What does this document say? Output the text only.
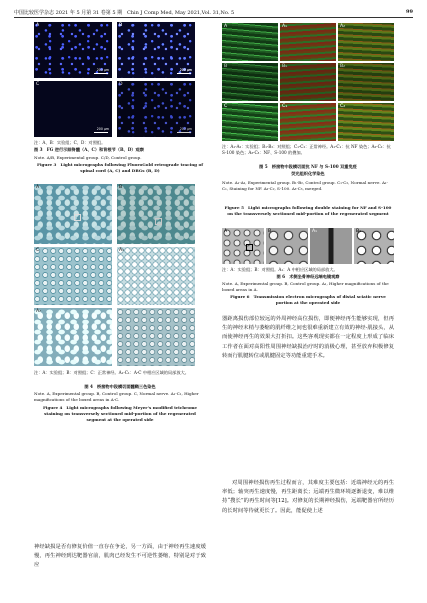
中国比较医学杂志 2021 年 5 月第 31 卷第 5 期 Chin J Comp Med, May 2021,Vol. 31,No. 5	99
A
200 μm
B
200 μm
C
200 μm
D
200 μm
注：A、B：实验组；C、D：对照组。
图 3　FG 逆行示踪脊髓（A、C）和背根节（B、D）观察
Note. A/B, Experimental group. C/D, Control group.
Figure 3　Light micrographs following FluoroGold retrograde tracing of spinal cord (A, C) and DRGs (B, D)
A	B
C	A₁
A₂
注：A：实验组；B：对照组；C：正常神经。A₁-C₁：A-C 中相应区域的局部放大。
图 4　桥接物中段横切面髓鞘三色染色
Note. A, Experimental group. B, Control group. C, Normal nerve. A₁-C₁, Higher magnifications of the boxed areas in A-C.
Figure 4　Light micrographs following Meyer’s modified trichrome staining on transversely sectioned mid-portion of the regenerated segment at the operated side
神经缺损是否有修复价值一直存在争论，另一方面，由于神经再生速度缓慢，再生神经到达靶器官前，肌肉已经发生不可逆性萎缩，特别是对于致应
A	A₁	A₂
B	B₁	B₂
C	C₁	C₂
注：A₁-A₂：实验组；B₁-B₂：对照组；C₁-C₂：正常神经。A₁-C₁：抗 NF 染色；A₂-C₂：抗 S-100 染色；A₃-C₃：NF、S-100 的叠加。
图 5　桥接物中段横切面抗 NF 与 S-100 双重免疫
荧光组织化学染色
Note. A₁-A₂, Experimental group. B₁-B₂, Control group. C₁-C₂, Normal nerve. A₁-C₁, Staining for NF. A₂-C₂, S-100. A₃-C₃, merged.
Figure 5　Light micrographs following double staining for NF and S-100 on the transversely sectioned mid-portion of the regenerated segment
A	B	A₁	B₁
注：A：实验组；B：对照组。A₁：A 中相应区域的局部放大。
图 6　术侧坐骨神经远端电镜观察
Note. A, Experimental group. B, Control group. A₁, Higher magnifications of the boxed areas in A.
Figure 6　Transmission electron micrographs of distal sciatic nerve portion at the operated side
器距离损伤部位较远的外周神经高位损伤，即便神经再生能够实现，但再生的神经末梢与萎缩的肌纤维之间也很难重新建立有效的神经-肌接头，从而使神经再生的效果大打折扣。这些客观现实都在一定程度上形成了临床工作者在面对高阳性周围神经缺损治疗时的消极心理，甚至放弃积极修复转而行肌腱转位或肌腱固定等功能重建手术。
对周围神经损伤再生过程而言，其难度主要包括：近端神经元的再生率低；轴突再生速度慢，再生距离长；远端再生微环境逐渐退变，难以维持“搜长”的再生时间等[12]。对修复的长期神经损伤，远端靶器官所经历的长时间等待就更长了。因此，能促使上述
